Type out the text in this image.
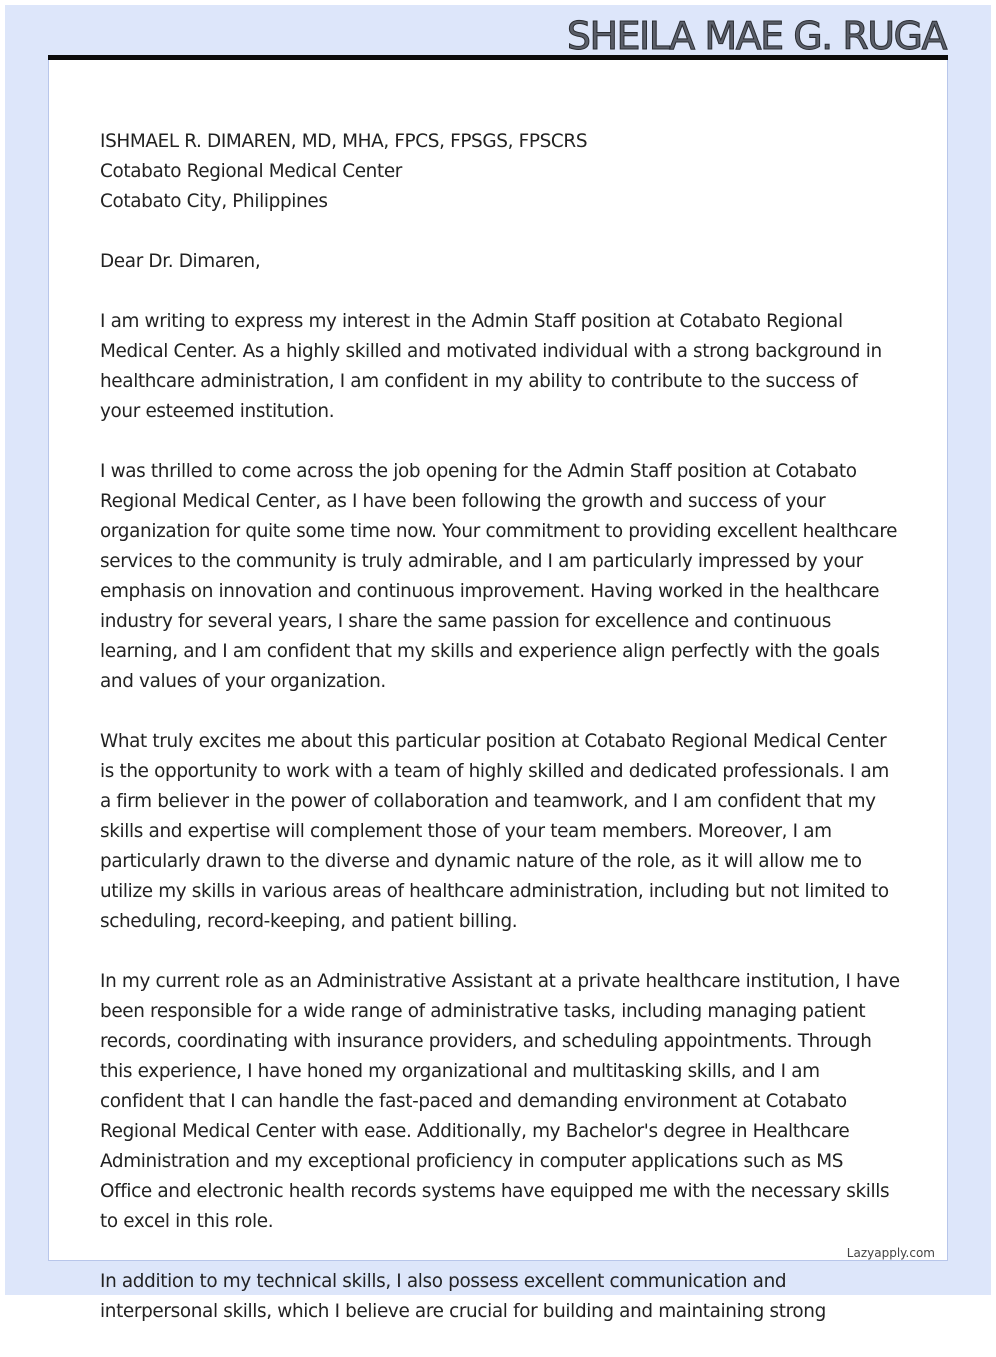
SHEILA MAE G. RUGA

ISHMAEL R. DIMAREN, MD, MHA, FPCS, FPSGS, FPSCRS
Cotabato Regional Medical Center
Cotabato City, Philippines

Dear Dr. Dimaren,

I am writing to express my interest in the Admin Staff position at Cotabato Regional Medical Center. As a highly skilled and motivated individual with a strong background in healthcare administration, I am confident in my ability to contribute to the success of your esteemed institution.

I was thrilled to come across the job opening for the Admin Staff position at Cotabato Regional Medical Center, as I have been following the growth and success of your organization for quite some time now. Your commitment to providing excellent healthcare services to the community is truly admirable, and I am particularly impressed by your emphasis on innovation and continuous improvement. Having worked in the healthcare industry for several years, I share the same passion for excellence and continuous learning, and I am confident that my skills and experience align perfectly with the goals and values of your organization.

What truly excites me about this particular position at Cotabato Regional Medical Center is the opportunity to work with a team of highly skilled and dedicated professionals. I am a firm believer in the power of collaboration and teamwork, and I am confident that my skills and expertise will complement those of your team members. Moreover, I am particularly drawn to the diverse and dynamic nature of the role, as it will allow me to utilize my skills in various areas of healthcare administration, including but not limited to scheduling, record-keeping, and patient billing.

In my current role as an Administrative Assistant at a private healthcare institution, I have been responsible for a wide range of administrative tasks, including managing patient records, coordinating with insurance providers, and scheduling appointments. Through this experience, I have honed my organizational and multitasking skills, and I am confident that I can handle the fast-paced and demanding environment at Cotabato Regional Medical Center with ease. Additionally, my Bachelor's degree in Healthcare Administration and my exceptional proficiency in computer applications such as MS Office and electronic health records systems have equipped me with the necessary skills to excel in this role.

In addition to my technical skills, I also possess excellent communication and interpersonal skills, which I believe are crucial for building and maintaining strong

Lazyapply.com
